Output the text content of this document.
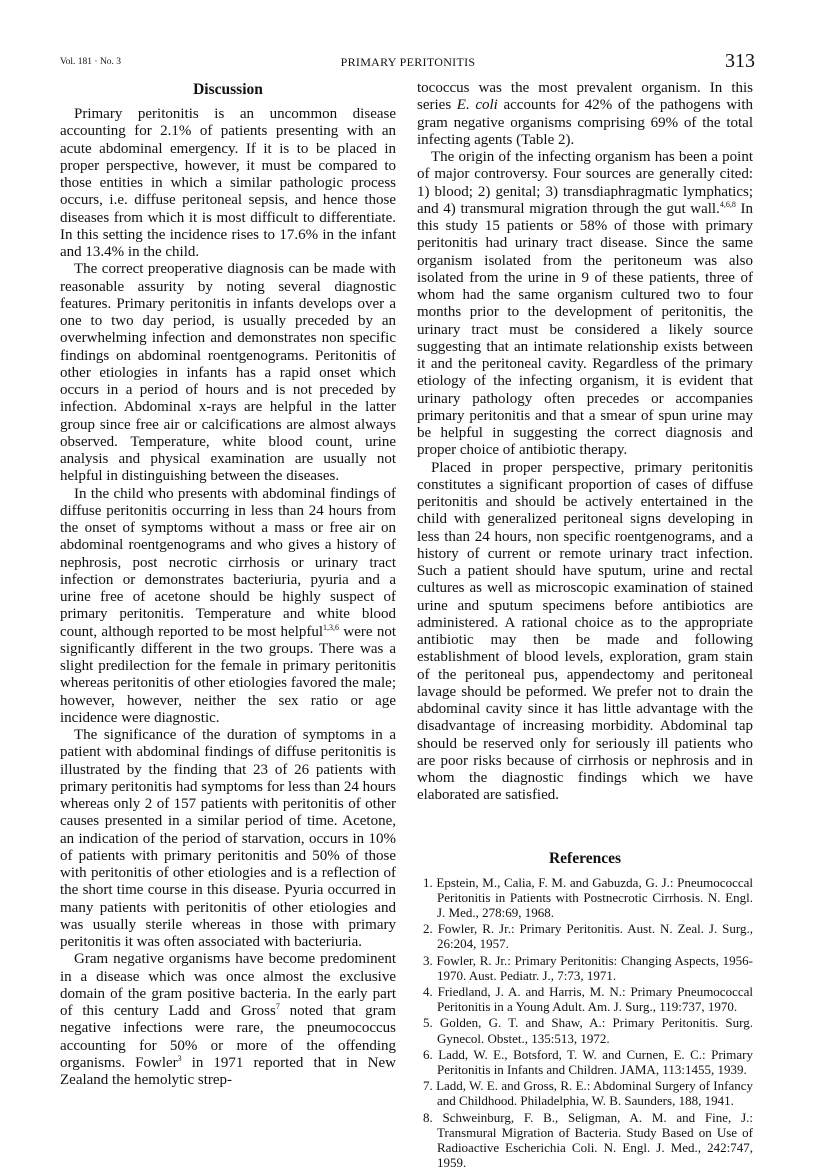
Vol. 181 · No. 3	PRIMARY PERITONITIS	313
Discussion

Primary peritonitis is an uncommon disease accounting for 2.1% of patients presenting with an acute abdominal emergency. If it is to be placed in proper perspective, however, it must be compared to those entities in which a similar pathologic process occurs, i.e. diffuse peritoneal sepsis, and hence those diseases from which it is most difficult to differentiate. In this setting the incidence rises to 17.6% in the infant and 13.4% in the child.

The correct preoperative diagnosis can be made with reasonable assurity by noting several diagnostic features. Primary peritonitis in infants develops over a one to two day period, is usually preceded by an overwhelming infection and demonstrates non specific findings on abdominal roentgenograms. Peritonitis of other etiologies in infants has a rapid onset which occurs in a period of hours and is not preceded by infection. Abdominal x-rays are helpful in the latter group since free air or calcifications are almost always observed. Temperature, white blood count, urine analysis and physical examination are usually not helpful in distinguishing between the diseases.

In the child who presents with abdominal findings of diffuse peritonitis occurring in less than 24 hours from the onset of symptoms without a mass or free air on abdominal roentgenograms and who gives a history of nephrosis, post necrotic cirrhosis or urinary tract infection or demonstrates bacteriuria, pyuria and a urine free of acetone should be highly suspect of primary peritonitis. Temperature and white blood count, although reported to be most helpful$^{1,3,6}$ were not significantly different in the two groups. There was a slight predilection for the female in primary peritonitis whereas peritonitis of other etiologies favored the male; however, however, neither the sex ratio or age incidence were diagnostic.

The significance of the duration of symptoms in a patient with abdominal findings of diffuse peritonitis is illustrated by the finding that 23 of 26 patients with primary peritonitis had symptoms for less than 24 hours whereas only 2 of 157 patients with peritonitis of other causes presented in a similar period of time. Acetone, an indication of the period of starvation, occurs in 10% of patients with primary peritonitis and 50% of those with peritonitis of other etiologies and is a reflection of the short time course in this disease. Pyuria occurred in many patients with peritonitis of other etiologies and was usually sterile whereas in those with primary peritonitis it was often associated with bacteriuria.

Gram negative organisms have become predominent in a disease which was once almost the exclusive domain of the gram positive bacteria. In the early part of this century Ladd and Gross$^7$ noted that gram negative infections were rare, the pneumococcus accounting for 50% or more of the offending organisms. Fowler$^3$ in 1971 reported that in New Zealand the hemolytic strep-

tococcus was the most prevalent organism. In this series E. coli accounts for 42% of the pathogens with gram negative organisms comprising 69% of the total infecting agents (Table 2).

The origin of the infecting organism has been a point of major controversy. Four sources are generally cited: 1) blood; 2) genital; 3) transdiaphragmatic lymphatics; and 4) transmural migration through the gut wall.$^{4,6,8}$ In this study 15 patients or 58% of those with primary peritonitis had urinary tract disease. Since the same organism isolated from the peritoneum was also isolated from the urine in 9 of these patients, three of whom had the same organism cultured two to four months prior to the development of peritonitis, the urinary tract must be considered a likely source suggesting that an intimate relationship exists between it and the peritoneal cavity. Regardless of the primary etiology of the infecting organism, it is evident that urinary pathology often precedes or accompanies primary peritonitis and that a smear of spun urine may be helpful in suggesting the correct diagnosis and proper choice of antibiotic therapy.

Placed in proper perspective, primary peritonitis constitutes a significant proportion of cases of diffuse peritonitis and should be actively entertained in the child with generalized peritoneal signs developing in less than 24 hours, non specific roentgenograms, and a history of current or remote urinary tract infection. Such a patient should have sputum, urine and rectal cultures as well as microscopic examination of stained urine and sputum specimens before antibiotics are administered. A rational choice as to the appropriate antibiotic may then be made and following establishment of blood levels, exploration, gram stain of the peritoneal pus, appendectomy and peritoneal lavage should be peformed. We prefer not to drain the abdominal cavity since it has little advantage with the disadvantage of increasing morbidity. Abdominal tap should be reserved only for seriously ill patients who are poor risks because of cirrhosis or nephrosis and in whom the diagnostic findings which we have elaborated are satisfied.

References
1. Epstein, M., Calia, F. M. and Gabuzda, G. J.: Pneumococcal Peritonitis in Patients with Postnecrotic Cirrhosis. N. Engl. J. Med., 278:69, 1968.
2. Fowler, R. Jr.: Primary Peritonitis. Aust. N. Zeal. J. Surg., 26:204, 1957.
3. Fowler, R. Jr.: Primary Peritonitis: Changing Aspects, 1956-1970. Aust. Pediatr. J., 7:73, 1971.
4. Friedland, J. A. and Harris, M. N.: Primary Pneumococcal Peritonitis in a Young Adult. Am. J. Surg., 119:737, 1970.
5. Golden, G. T. and Shaw, A.: Primary Peritonitis. Surg. Gynecol. Obstet., 135:513, 1972.
6. Ladd, W. E., Botsford, T. W. and Curnen, E. C.: Primary Peritonitis in Infants and Children. JAMA, 113:1455, 1939.
7. Ladd, W. E. and Gross, R. E.: Abdominal Surgery of Infancy and Childhood. Philadelphia, W. B. Saunders, 188, 1941.
8. Schweinburg, F. B., Seligman, A. M. and Fine, J.: Transmural Migration of Bacteria. Study Based on Use of Radioactive Escherichia Coli. N. Engl. J. Med., 242:747, 1959.
